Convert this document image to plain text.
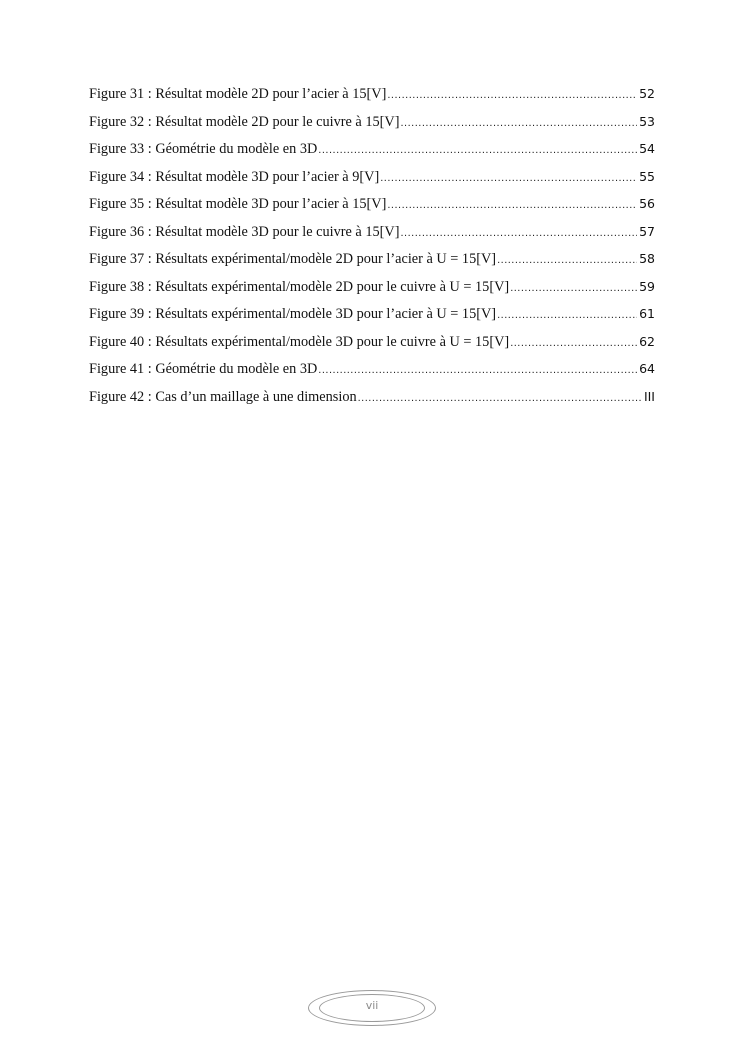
Figure 31 : Résultat modèle 2D pour l’acier à 15[V] .....	52
Figure 32 : Résultat modèle 2D pour le cuivre à 15[V] .....	53
Figure 33 : Géométrie du modèle en 3D .....	54
Figure 34 : Résultat modèle 3D pour l’acier à 9[V] .....	55
Figure 35 : Résultat modèle 3D pour l’acier à 15[V] .....	56
Figure 36 : Résultat modèle 3D pour le cuivre à 15[V] .....	57
Figure 37 : Résultats expérimental/modèle 2D pour l’acier à U = 15[V] .....	58
Figure 38 : Résultats expérimental/modèle 2D pour le cuivre à U = 15[V] .....	59
Figure 39 : Résultats expérimental/modèle 3D pour l’acier à U = 15[V] .....	61
Figure 40 : Résultats expérimental/modèle 3D pour le cuivre à U = 15[V] .....	62
Figure 41 : Géométrie du modèle en 3D .....	64
Figure 42 : Cas d’un maillage à une dimension .....	III
vii
